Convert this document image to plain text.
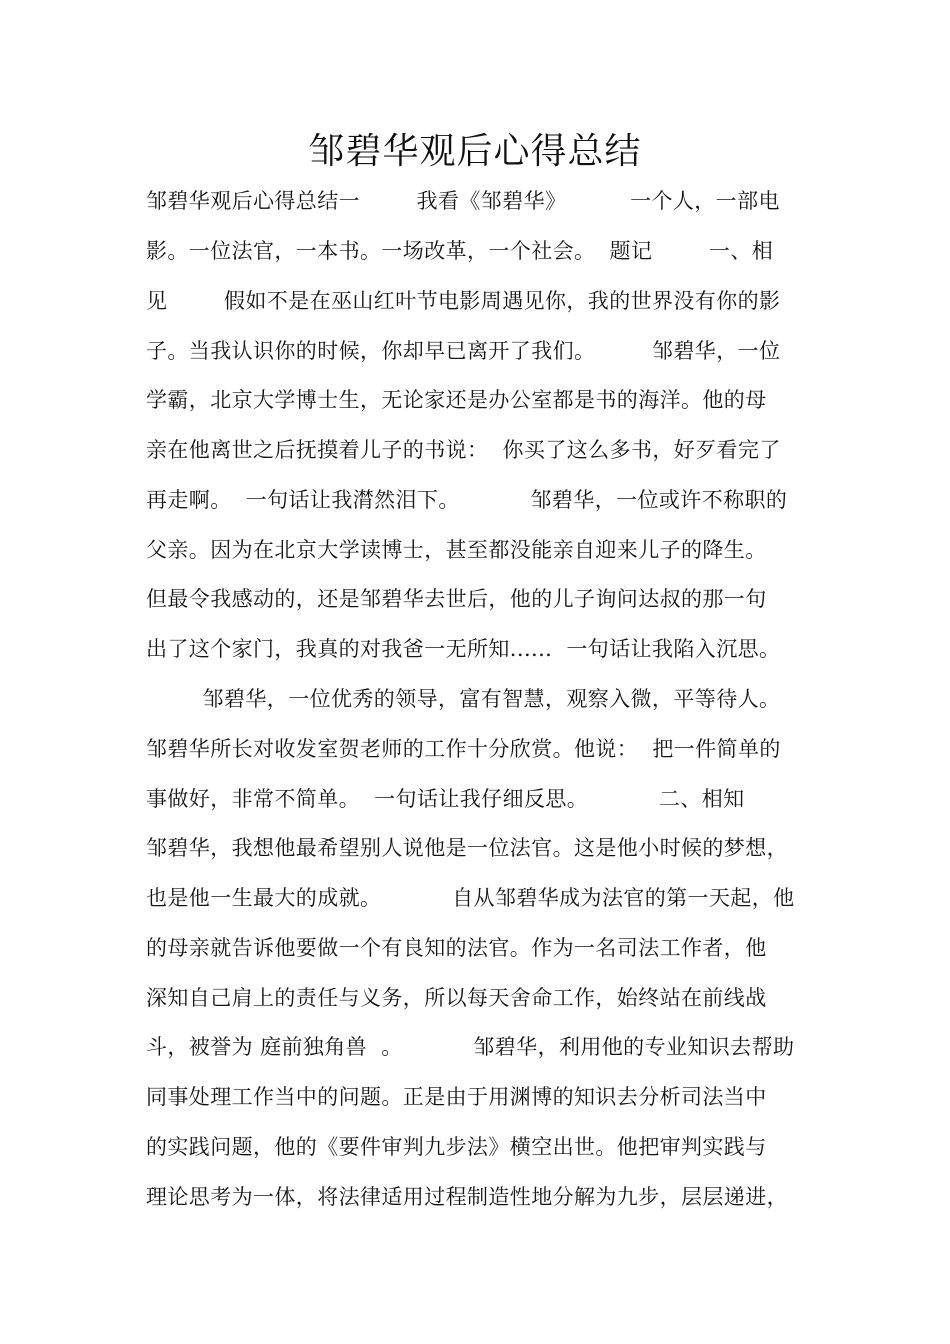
邹碧华观后心得总结
邹碧华观后心得总结一        我看《邹碧华》         一个人，一部电
影。一位法官，一本书。一场改革，一个社会。  题记        一、相
见        假如不是在巫山红叶节电影周遇见你，我的世界没有你的影
子。当我认识你的时候，你却早已离开了我们。        邹碧华，一位
学霸，北京大学博士生，无论家还是办公室都是书的海洋。他的母
亲在他离世之后抚摸着儿子的书说：  你买了这么多书，好歹看完了
再走啊。  一句话让我潸然泪下。          邹碧华，一位或许不称职的
父亲。因为在北京大学读博士，甚至都没能亲自迎来儿子的降生。
但最令我感动的，还是邹碧华去世后，他的儿子询问达叔的那一句
出了这个家门，我真的对我爸一无所知......  一句话让我陷入沉思。
邹碧华，一位优秀的领导，富有智慧，观察入微，平等待人。
邹碧华所长对收发室贺老师的工作十分欣赏。他说：  把一件简单的
事做好，非常不简单。  一句话让我仔细反思。          二、相知
邹碧华，我想他最希望别人说他是一位法官。这是他小时候的梦想，
也是他一生最大的成就。          自从邹碧华成为法官的第一天起，他
的母亲就告诉他要做一个有良知的法官。作为一名司法工作者，他
深知自己肩上的责任与义务，所以每天舍命工作，始终站在前线战
斗，被誉为 庭前独角兽  。          邹碧华，利用他的专业知识去帮助
同事处理工作当中的问题。正是由于用渊博的知识去分析司法当中
的实践问题，他的《要件审判九步法》横空出世。他把审判实践与
理论思考为一体，将法律适用过程制造性地分解为九步，层层递进，
